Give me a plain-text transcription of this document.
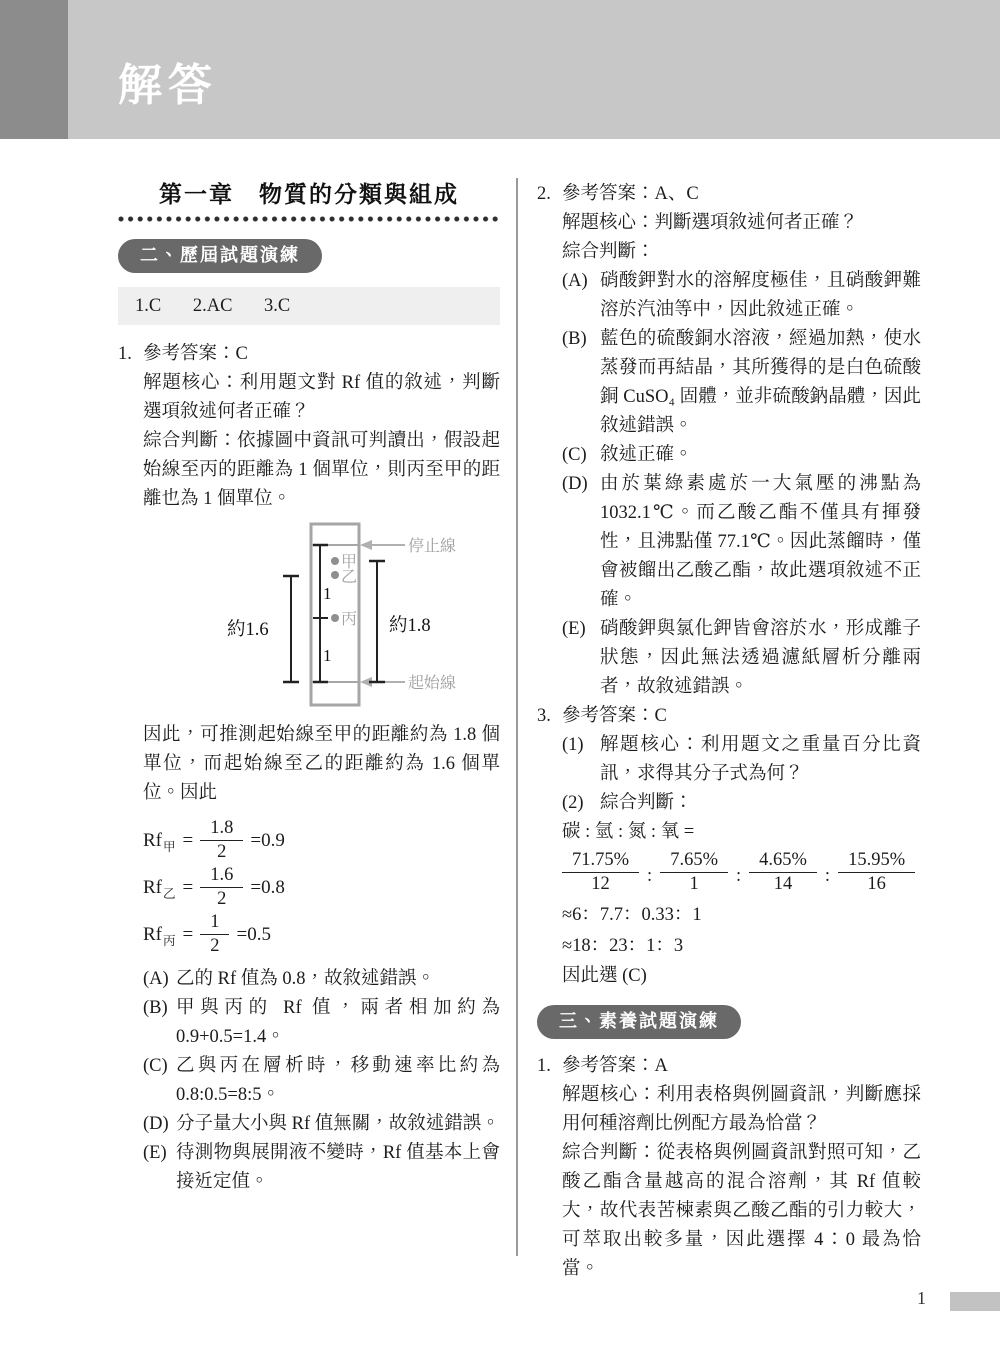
解答
第一章　物質的分類與組成
二、歷屆試題演練
1.C 2.AC 3.C
1. 參考答案：C

解題核心：利用題文對 Rf 值的敘述，判斷選項敘述何者正確？

綜合判斷：依據圖中資訊可判讀出，假設起始線至丙的距離為 1 個單位，則丙至甲的距離也為 1 個單位。

停止線
起始線
甲
乙
丙
1
1
約1.6	約1.8

因此，可推測起始線至甲的距離約為 1.8 個單位，而起始線至乙的距離約為 1.6 個單位。因此

Rf 甲 = $\frac{1.8}{2} =0.9$
Rf 乙 = $\frac{1.6}{2} =0.8$
Rf 丙 = $\frac{1}{2} =0.5$
(A) 乙的 Rf 值為 0.8，故敘述錯誤。

(B) 甲與丙的 Rf 值，兩者相加約為 0.9+0.5=1.4。

(C) 乙與丙在層析時，移動速率比約為 0.8:0.5=8:5。

(D) 分子量大小與 Rf 值無關，故敘述錯誤。

(E) 待測物與展開液不變時，Rf 值基本上會接近定值。

2. 參考答案：A、C

解題核心：判斷選項敘述何者正確？

綜合判斷：

(A) 硝酸鉀對水的溶解度極佳，且硝酸鉀難溶於汽油等中，因此敘述正確。

(B) 藍色的硫酸銅水溶液，經過加熱，使水蒸發而再結晶，其所獲得的是白色硫酸銅 CuSO₄ 固體，並非硫酸鈉晶體，因此敘述錯誤。

(C) 敘述正確。

(D) 由於葉綠素處於一大氣壓的沸點為 1032.1℃。而乙酸乙酯不僅具有揮發性，且沸點僅 77.1℃。因此蒸餾時，僅會被餾出乙酸乙酯，故此選項敘述不正確。

(E) 硝酸鉀與氯化鉀皆會溶於水，形成離子狀態，因此無法透過濾紙層析分離兩者，故敘述錯誤。

3. 參考答案：C

(1) 解題核心：利用題文之重量百分比資訊，求得其分子式為何？

(2) 綜合判斷：

碳 : 氫 : 氮 : 氧 =

$\frac{71.75\%}{12}$ : $\frac{7.65\%}{1}$ : $\frac{4.65\%}{14}$ : $\frac{15.95\%}{16}$

≈6：7.7：0.33：1

≈18：23：1：3

因此選 (C)

三、素養試題演練
1. 參考答案：A

解題核心：利用表格與例圖資訊，判斷應採用何種溶劑比例配方最為恰當？

綜合判斷：從表格與例圖資訊對照可知，乙酸乙酯含量越高的混合溶劑，其 Rf 值較大，故代表苦楝素與乙酸乙酯的引力較大，可萃取出較多量，因此選擇 4：0 最為恰當。

1
